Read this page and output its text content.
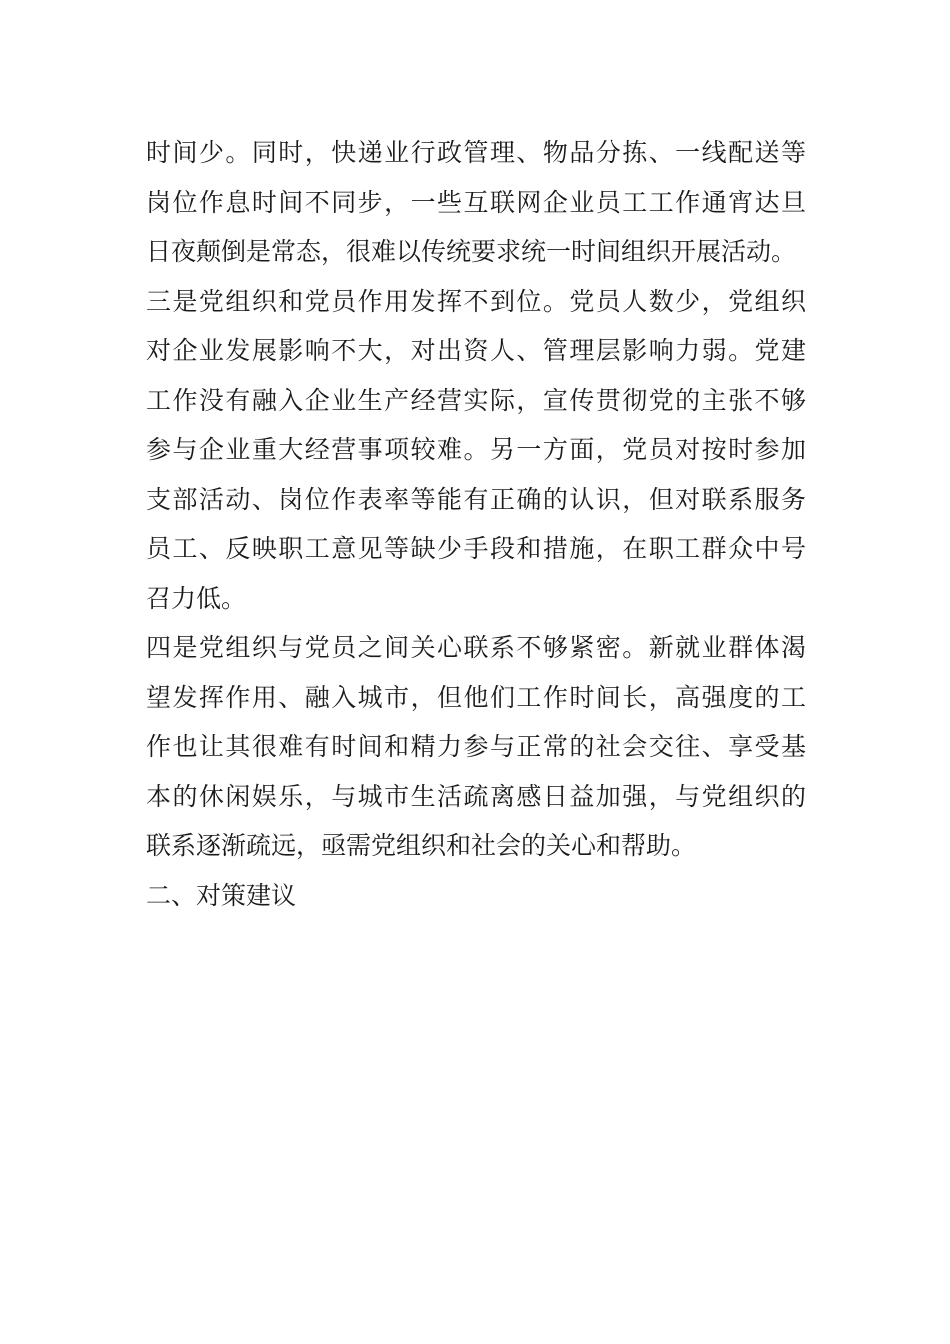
时间少。同时，快递业行政管理、物品分拣、一线配送等
岗位作息时间不同步，一些互联网企业员工工作通宵达旦
日夜颠倒是常态，很难以传统要求统一时间组织开展活动。
三是党组织和党员作用发挥不到位。党员人数少，党组织
对企业发展影响不大，对出资人、管理层影响力弱。党建
工作没有融入企业生产经营实际，宣传贯彻党的主张不够
参与企业重大经营事项较难。另一方面，党员对按时参加
支部活动、岗位作表率等能有正确的认识，但对联系服务
员工、反映职工意见等缺少手段和措施，在职工群众中号
召力低。
四是党组织与党员之间关心联系不够紧密。新就业群体渴
望发挥作用、融入城市，但他们工作时间长，高强度的工
作也让其很难有时间和精力参与正常的社会交往、享受基
本的休闲娱乐，与城市生活疏离感日益加强，与党组织的
联系逐渐疏远，亟需党组织和社会的关心和帮助。
二、对策建议
